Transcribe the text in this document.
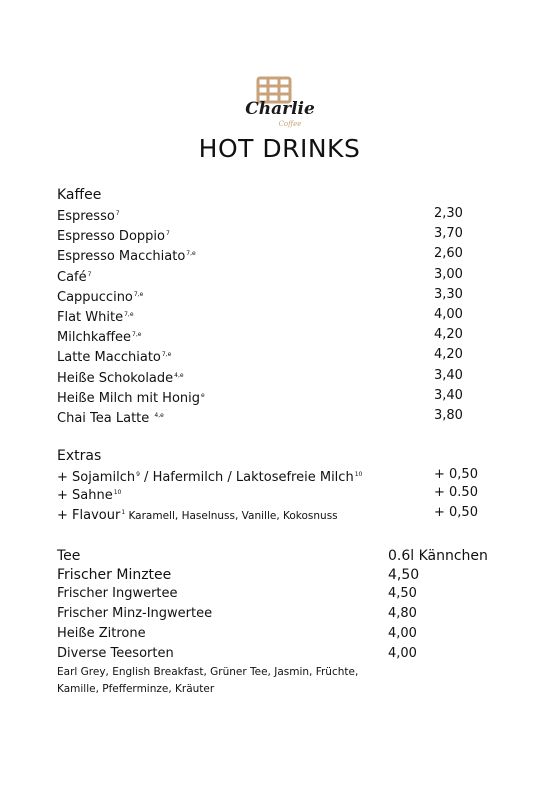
Charlie
Coffee
HOT DRINKS
Kaffee
Espresso$^7$	2,30
Espresso Doppio$^7$	3,70
Espresso Macchiato$^{7,e}$	2,60
Café$^7$	3,00
Cappuccino$^{7,e}$	3,30
Flat White$^{7,e}$	4,00
Milchkaffee$^{7,e}$	4,20
Latte Macchiato$^{7,e}$	4,20
Heiße Schokolade$^{4,e}$	3,40
Heiße Milch mit Honig$^e$	3,40
Chai Tea Latte $^{4,e}$	3,80
Extras
+ Sojamilch$^9$ / Hafermilch / Laktosefreie Milch$^{10}$	+ 0,50
+ Sahne$^{10}$	+ 0.50
+ Flavour$^1$ Karamell, Haselnuss, Vanille, Kokosnuss	+ 0,50
Tee	0.6l Kännchen
Frischer Minztee	4,50
Frischer Ingwertee	4,50
Frischer Minz-Ingwertee	4,80
Heiße Zitrone	4,00
Diverse Teesorten	4,00
Earl Grey, English Breakfast, Grüner Tee, Jasmin, Früchte,
Kamille, Pfefferminze, Kräuter
